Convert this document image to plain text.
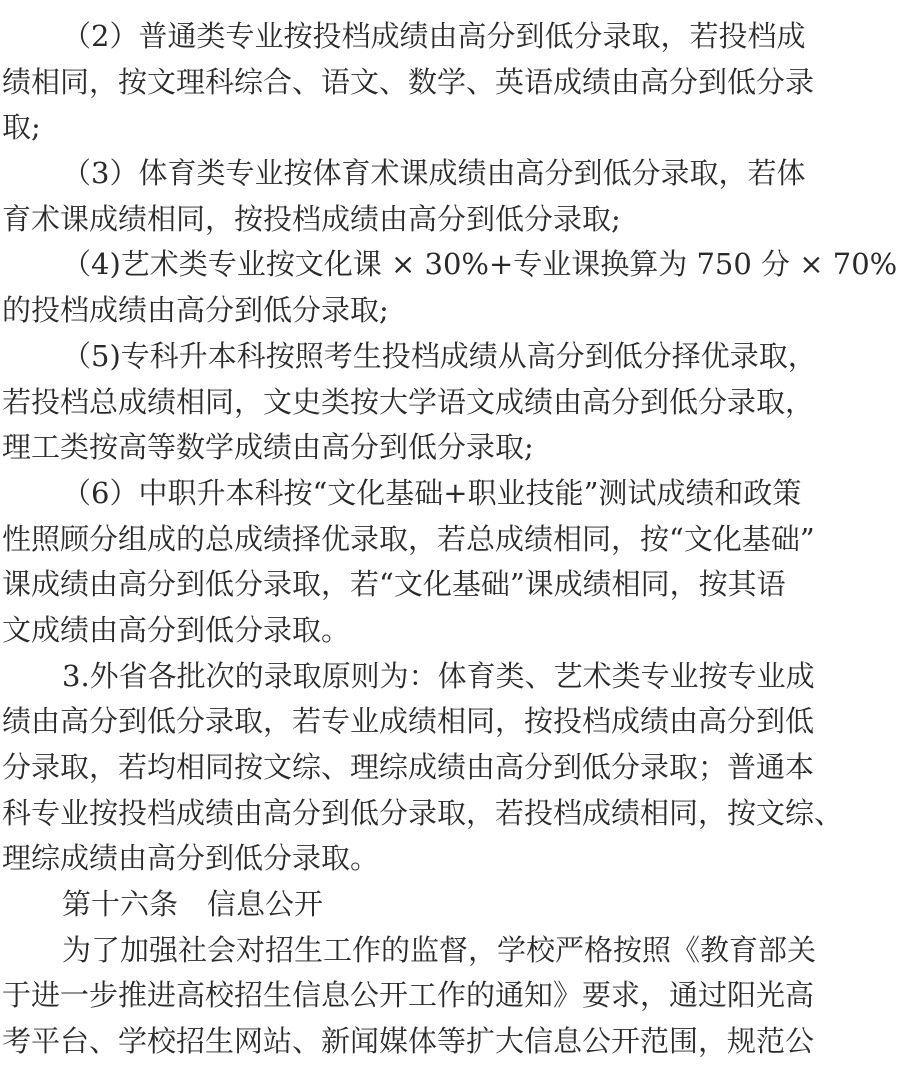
（2）普通类专业按投档成绩由高分到低分录取，若投档成
绩相同，按文理科综合、语文、数学、英语成绩由高分到低分录
取;
（3）体育类专业按体育术课成绩由高分到低分录取，若体
育术课成绩相同，按投档成绩由高分到低分录取;
（4)艺术类专业按文化课 × 30%+专业课换算为 750 分 × 70%
的投档成绩由高分到低分录取;
（5)专科升本科按照考生投档成绩从高分到低分择优录取，
若投档总成绩相同，文史类按大学语文成绩由高分到低分录取，
理工类按高等数学成绩由高分到低分录取;
（6）中职升本科按“文化基础+职业技能”测试成绩和政策
性照顾分组成的总成绩择优录取，若总成绩相同，按“文化基础”
课成绩由高分到低分录取，若“文化基础”课成绩相同，按其语
文成绩由高分到低分录取。
3.外省各批次的录取原则为：体育类、艺术类专业按专业成
绩由高分到低分录取，若专业成绩相同，按投档成绩由高分到低
分录取，若均相同按文综、理综成绩由高分到低分录取；普通本
科专业按投档成绩由高分到低分录取，若投档成绩相同，按文综、
理综成绩由高分到低分录取。
第十六条　信息公开
为了加强社会对招生工作的监督，学校严格按照《教育部关
于进一步推进高校招生信息公开工作的通知》要求，通过阳光高
考平台、学校招生网站、新闻媒体等扩大信息公开范围，规范公
